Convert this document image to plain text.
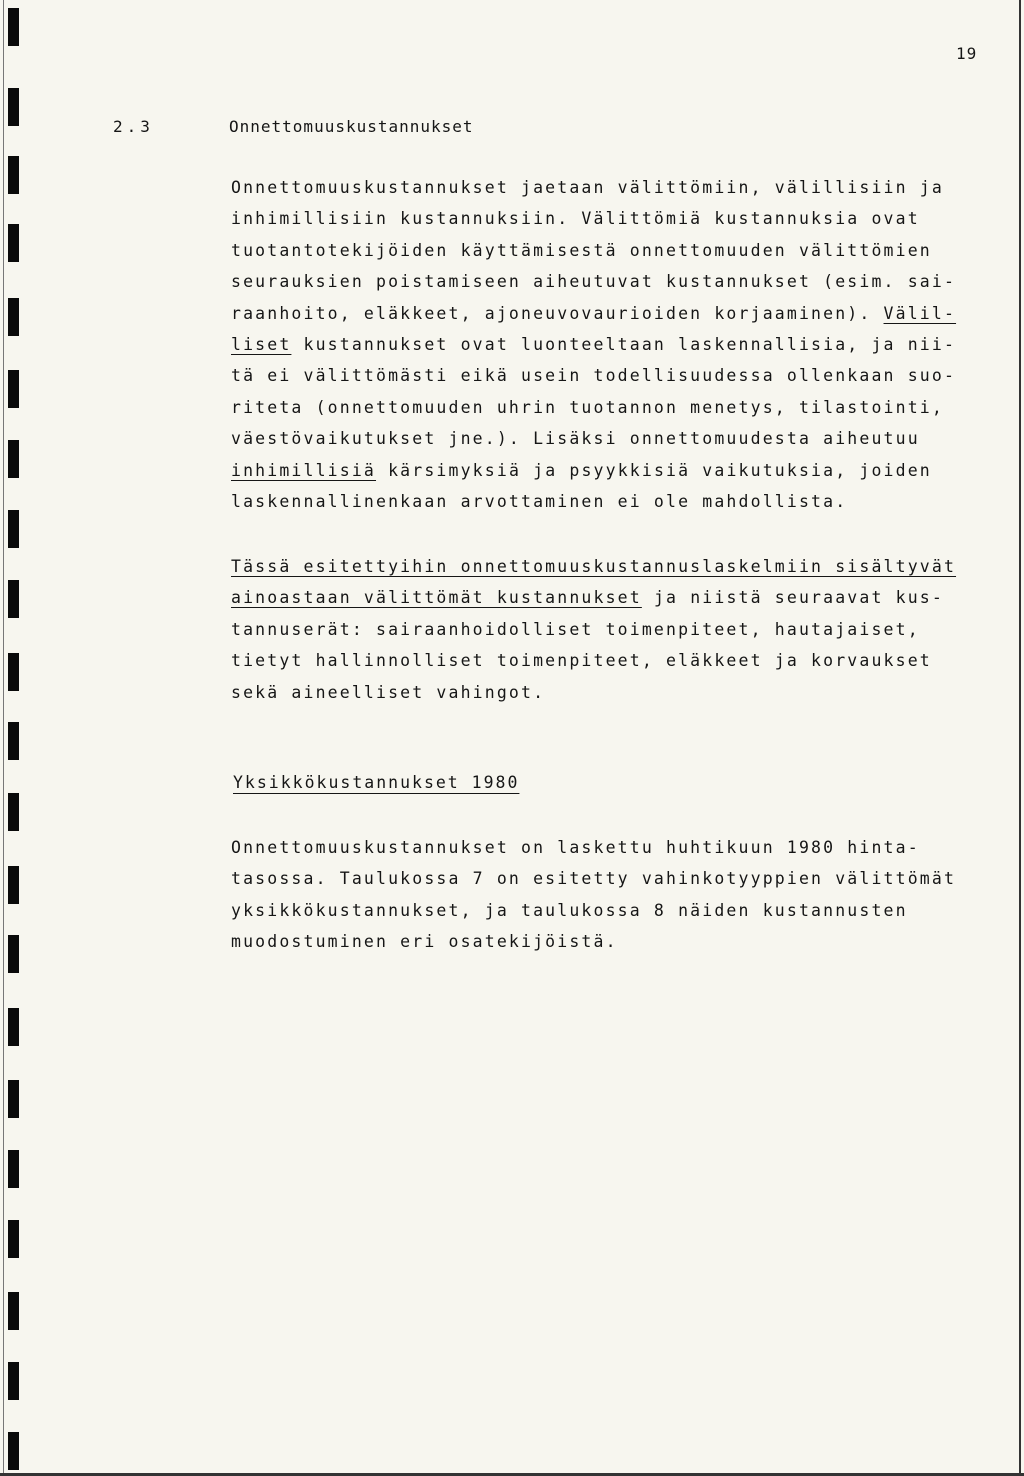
19
2.3	Onnettomuuskustannukset
Onnettomuuskustannukset jaetaan välittömiin, välillisiin ja
inhimillisiin kustannuksiin. Välittömiä kustannuksia ovat
tuotantotekijöiden käyttämisestä onnettomuuden välittömien
seurauksien poistamiseen aiheutuvat kustannukset (esim. sai-
raanhoito, eläkkeet, ajoneuvovaurioiden korjaaminen). Välil-
liset kustannukset ovat luonteeltaan laskennallisia, ja nii-
tä ei välittömästi eikä usein todellisuudessa ollenkaan suo-
riteta (onnettomuuden uhrin tuotannon menetys, tilastointi,
väestövaikutukset jne.). Lisäksi onnettomuudesta aiheutuu
inhimillisiä kärsimyksiä ja psyykkisiä vaikutuksia, joiden
laskennallinenkaan arvottaminen ei ole mahdollista.
Tässä esitettyihin onnettomuuskustannuslaskelmiin sisältyvät
ainoastaan välittömät kustannukset ja niistä seuraavat kus-
tannuserät: sairaanhoidolliset toimenpiteet, hautajaiset,
tietyt hallinnolliset toimenpiteet, eläkkeet ja korvaukset
sekä aineelliset vahingot.
Yksikkökustannukset 1980
Onnettomuuskustannukset on laskettu huhtikuun 1980 hinta-
tasossa. Taulukossa 7 on esitetty vahinkotyyppien välittömät
yksikkökustannukset, ja taulukossa 8 näiden kustannusten
muodostuminen eri osatekijöistä.
